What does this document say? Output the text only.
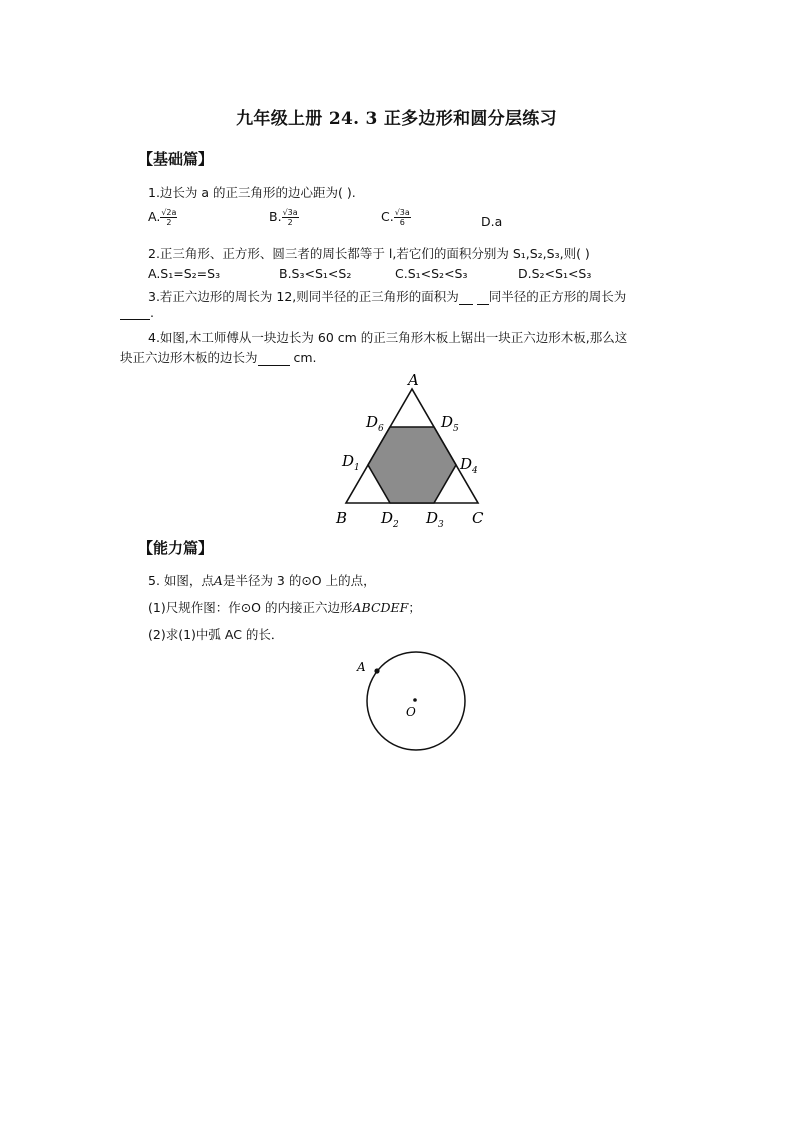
九年级上册 24. 3 正多边形和圆分层练习
【基础篇】
1.边长为 a 的正三角形的边心距为( ).
A. $\frac{√2a}{2}$	B. $\frac{√3a}{2}$	C. $\frac{√3a}{6}$	D.a
2.正三角形、正方形、圆三者的周长都等于 l,若它们的面积分别为 S₁,S₂,S₃,则( )
A.S₁=S₂=S₃	B.S₃<S₁<S₂	C.S₁<S₂<S₃	D.S₂<S₁<S₃
3.若正六边形的周长为 12,则同半径的正三角形的面积为 同半径的正方形的周长为
.
4.如图,木工师傅从一块边长为 60 cm 的正三角形木板上锯出一块正六边形木板,那么这
块正六边形木板的边长为	cm.
A
$D_6$	$D_5$
$D_1$	$D_4$
B $D_2$ $D_3$ C
【能力篇】
5. 如图，点A是半径为 3 的⊙O 上的点，
(1)尺规作图：作⊙O 的内接正六边形ABCDEF；
(2)求(1)中弧 AC 的长．
A
O
